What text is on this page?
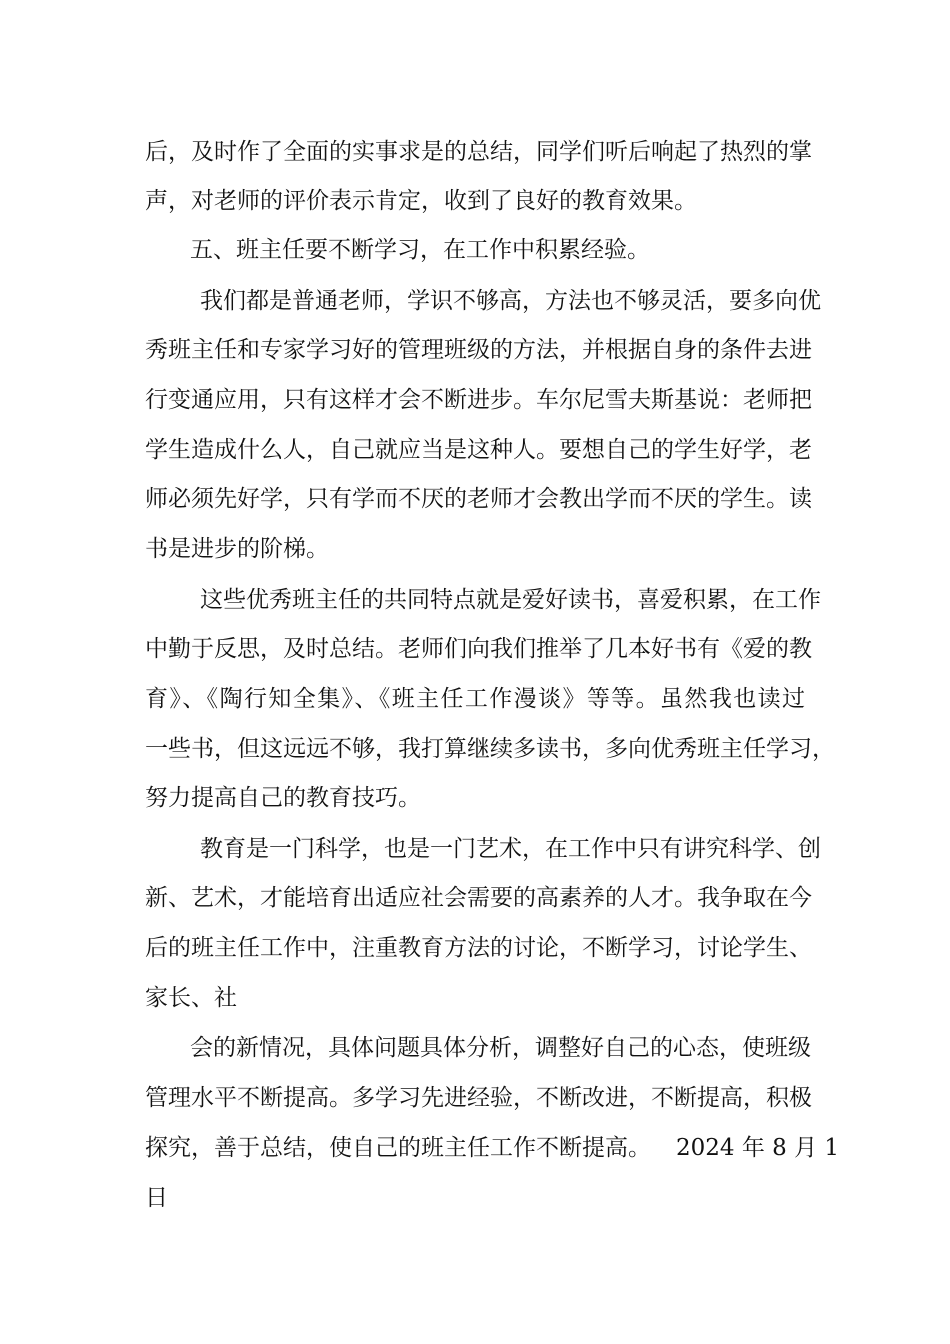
后，及时作了全面的实事求是的总结，同学们听后响起了热烈的掌

声，对老师的评价表示肯定，收到了良好的教育效果。

五、班主任要不断学习，在工作中积累经验。

我们都是普通老师，学识不够高，方法也不够灵活，要多向优

秀班主任和专家学习好的管理班级的方法，并根据自身的条件去进

行变通应用，只有这样才会不断进步。车尔尼雪夫斯基说：老师把

学生造成什么人，自己就应当是这种人。要想自己的学生好学，老

师必须先好学，只有学而不厌的老师才会教出学而不厌的学生。读

书是进步的阶梯。

这些优秀班主任的共同特点就是爱好读书，喜爱积累，在工作

中勤于反思，及时总结。老师们向我们推举了几本好书有《爱的教

育》、《陶行知全集》、《班主任工作漫谈》等等。虽然我也读过

一些书，但这远远不够，我打算继续多读书，多向优秀班主任学习，

努力提高自己的教育技巧。

教育是一门科学，也是一门艺术，在工作中只有讲究科学、创

新、艺术，才能培育出适应社会需要的高素养的人才。我争取在今

后的班主任工作中，注重教育方法的讨论，不断学习，讨论学生、

家长、社

会的新情况，具体问题具体分析，调整好自己的心态，使班级

管理水平不断提高。多学习先进经验，不断改进，不断提高，积极

探究，善于总结，使自己的班主任工作不断提高。 2024 年 8 月 1

日
